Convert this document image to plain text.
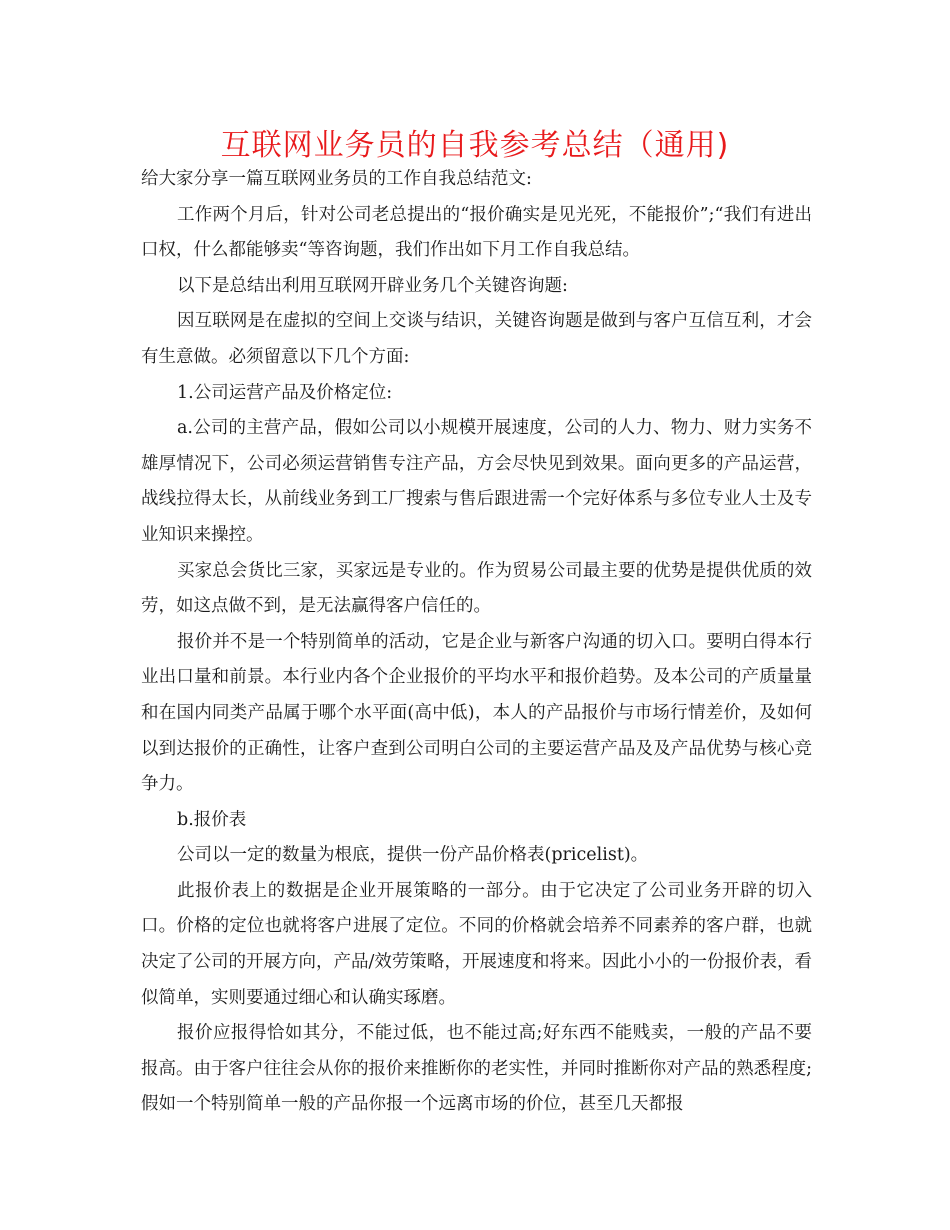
互联网业务员的自我参考总结（通用)

给大家分享一篇互联网业务员的工作自我总结范文:

工作两个月后，针对公司老总提出的“报价确实是见光死，不能报价”;“我们有进出口权，什么都能够卖“等咨询题，我们作出如下月工作自我总结。

以下是总结出利用互联网开辟业务几个关键咨询题:

因互联网是在虚拟的空间上交谈与结识，关键咨询题是做到与客户互信互利，才会有生意做。必须留意以下几个方面:

1.公司运营产品及价格定位:

a.公司的主营产品，假如公司以小规模开展速度，公司的人力、物力、财力实务不雄厚情况下，公司必须运营销售专注产品，方会尽快见到效果。面向更多的产品运营，战线拉得太长，从前线业务到工厂搜索与售后跟进需一个完好体系与多位专业人士及专业知识来操控。

买家总会货比三家，买家远是专业的。作为贸易公司最主要的优势是提供优质的效劳，如这点做不到，是无法赢得客户信任的。

报价并不是一个特别简单的活动，它是企业与新客户沟通的切入口。要明白得本行业出口量和前景。本行业内各个企业报价的平均水平和报价趋势。及本公司的产质量量和在国内同类产品属于哪个水平面(高中低)，本人的产品报价与市场行情差价，及如何以到达报价的正确性，让客户查到公司明白公司的主要运营产品及及产品优势与核心竞争力。

b.报价表

公司以一定的数量为根底，提供一份产品价格表(pricelist)。

此报价表上的数据是企业开展策略的一部分。由于它决定了公司业务开辟的切入口。价格的定位也就将客户进展了定位。不同的价格就会培养不同素养的客户群，也就决定了公司的开展方向，产品/效劳策略，开展速度和将来。因此小小的一份报价表，看似简单，实则要通过细心和认确实琢磨。

报价应报得恰如其分，不能过低，也不能过高;好东西不能贱卖，一般的产品不要报高。由于客户往往会从你的报价来推断你的老实性，并同时推断你对产品的熟悉程度;假如一个特别简单一般的产品你报一个远离市场的价位，甚至几天都报
